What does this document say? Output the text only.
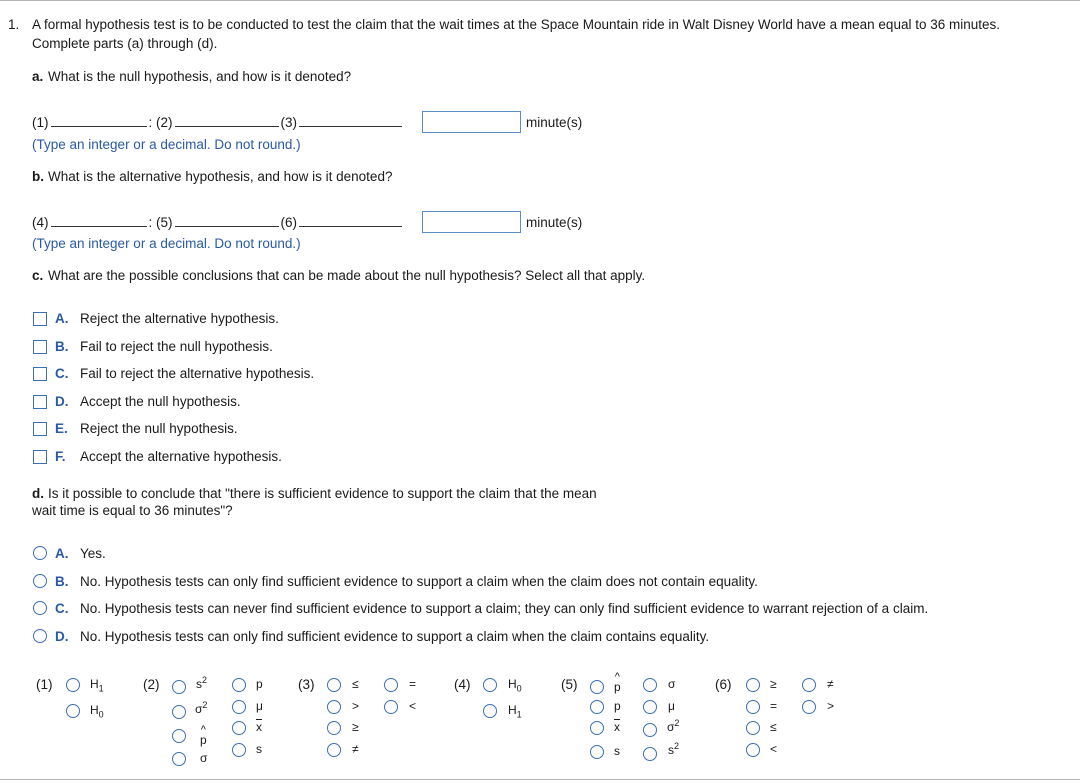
1. A formal hypothesis test is to be conducted to test the claim that the wait times at the Space Mountain ride in Walt Disney World have a mean equal to 36 minutes.
Complete parts (a) through (d).
a. What is the null hypothesis, and how is it denoted?
(1)	: (2)	(3)	minute(s)
(Type an integer or a decimal. Do not round.)
b. What is the alternative hypothesis, and how is it denoted?
(4)	: (5)	(6)	minute(s)
(Type an integer or a decimal. Do not round.)
c. What are the possible conclusions that can be made about the null hypothesis? Select all that apply.
A. Reject the alternative hypothesis.
B. Fail to reject the null hypothesis.
C. Fail to reject the alternative hypothesis.
D. Accept the null hypothesis.
E. Reject the null hypothesis.
F. Accept the alternative hypothesis.
d. Is it possible to conclude that "there is sufficient evidence to support the claim that the mean
wait time is equal to 36 minutes"?
A. Yes.
B. No. Hypothesis tests can only find sufficient evidence to support a claim when the claim does not contain equality.
C. No. Hypothesis tests can never find sufficient evidence to support a claim; they can only find sufficient evidence to warrant rejection of a claim.
D. No. Hypothesis tests can only find sufficient evidence to support a claim when the claim contains equality.
(1)	$H_1$
$H_0$
(2)	$s^2$
$\sigma^2$
^
p
σ
p
μ
$\overline{x}$
s
(3)	≤
>
≥
≠
=
<
(4)	$H_0$
$H_1$
(5)	^
p
p
$\overline{x}$
s
σ
μ
$\sigma^2$
$s^2$
(6)	≥
=
≤
<
≠
>
